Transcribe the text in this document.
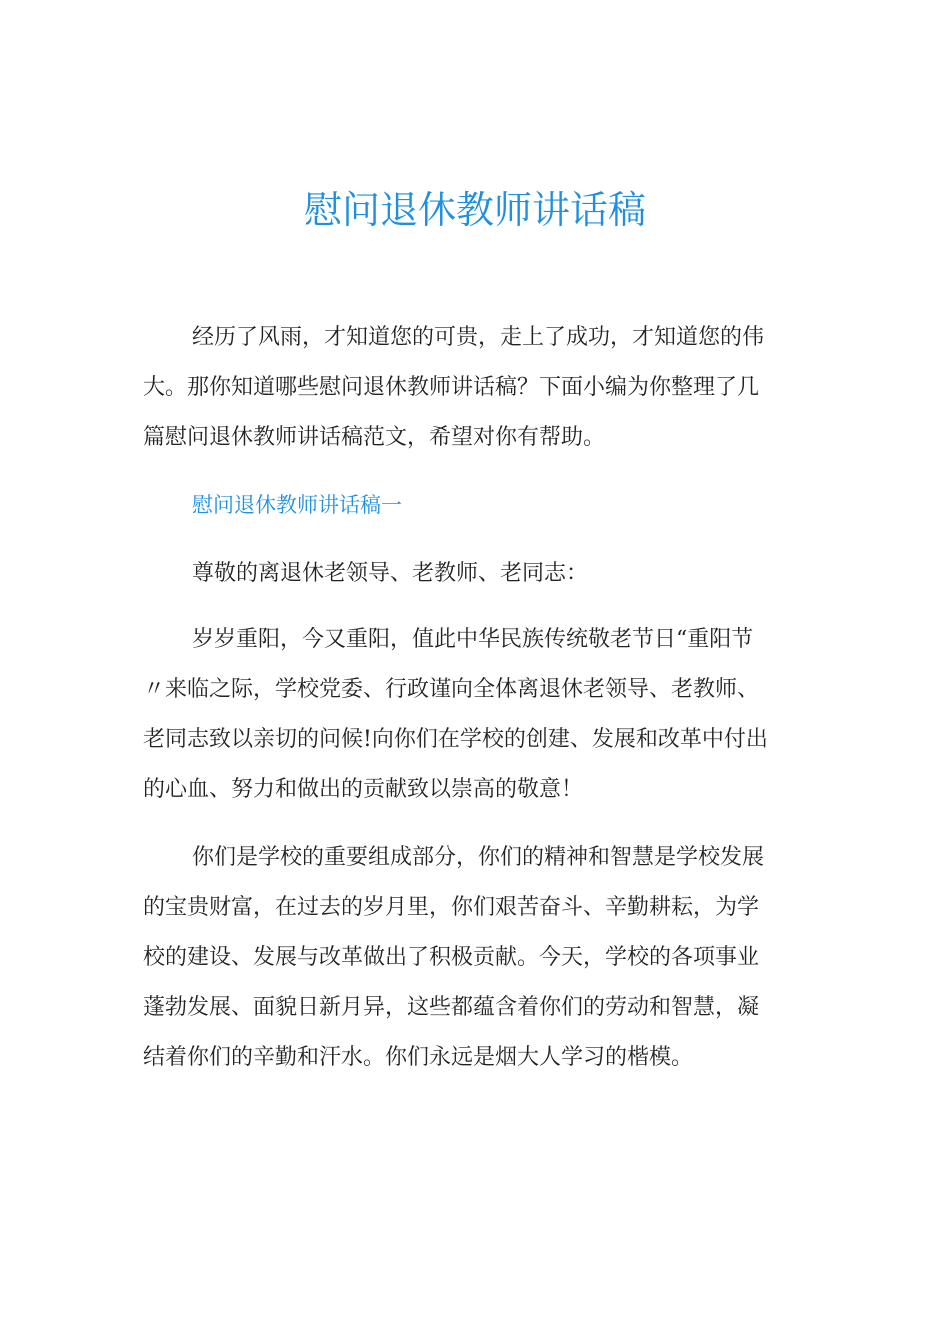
慰问退休教师讲话稿
经历了风雨，才知道您的可贵，走上了成功，才知道您的伟
大。那你知道哪些慰问退休教师讲话稿？下面小编为你整理了几
篇慰问退休教师讲话稿范文，希望对你有帮助。
慰问退休教师讲话稿一
尊敬的离退休老领导、老教师、老同志：
岁岁重阳，今又重阳，值此中华民族传统敬老节日“重阳节
〃来临之际，学校党委、行政谨向全体离退休老领导、老教师、
老同志致以亲切的问候!向你们在学校的创建、发展和改革中付出
的心血、努力和做出的贡献致以崇高的敬意！
你们是学校的重要组成部分，你们的精神和智慧是学校发展
的宝贵财富，在过去的岁月里，你们艰苦奋斗、辛勤耕耘，为学
校的建设、发展与改革做出了积极贡献。今天，学校的各项事业
蓬勃发展、面貌日新月异，这些都蕴含着你们的劳动和智慧，凝
结着你们的辛勤和汗水。你们永远是烟大人学习的楷模。
